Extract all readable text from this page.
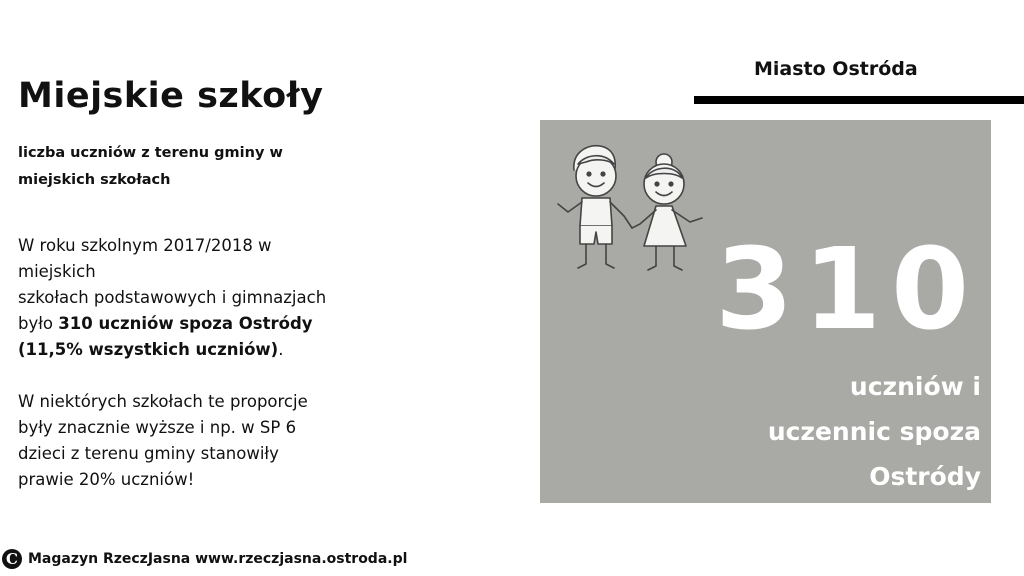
Miejskie szkoły
liczba uczniów z terenu gminy w
miejskich szkołach
W roku szkolnym 2017/2018 w
miejskich
szkołach podstawowych i gimnazjach
było 310 uczniów spoza Ostródy
(11,5% wszystkich uczniów).
W niektórych szkołach te proporcje
były znacznie wyższe i np. w SP 6
dzieci z terenu gminy stanowiły
prawie 20% uczniów!
Miasto Ostróda
310
uczniów i
uczennic spoza
Ostródy
C Magazyn RzeczJasna www.rzeczjasna.ostroda.pl
